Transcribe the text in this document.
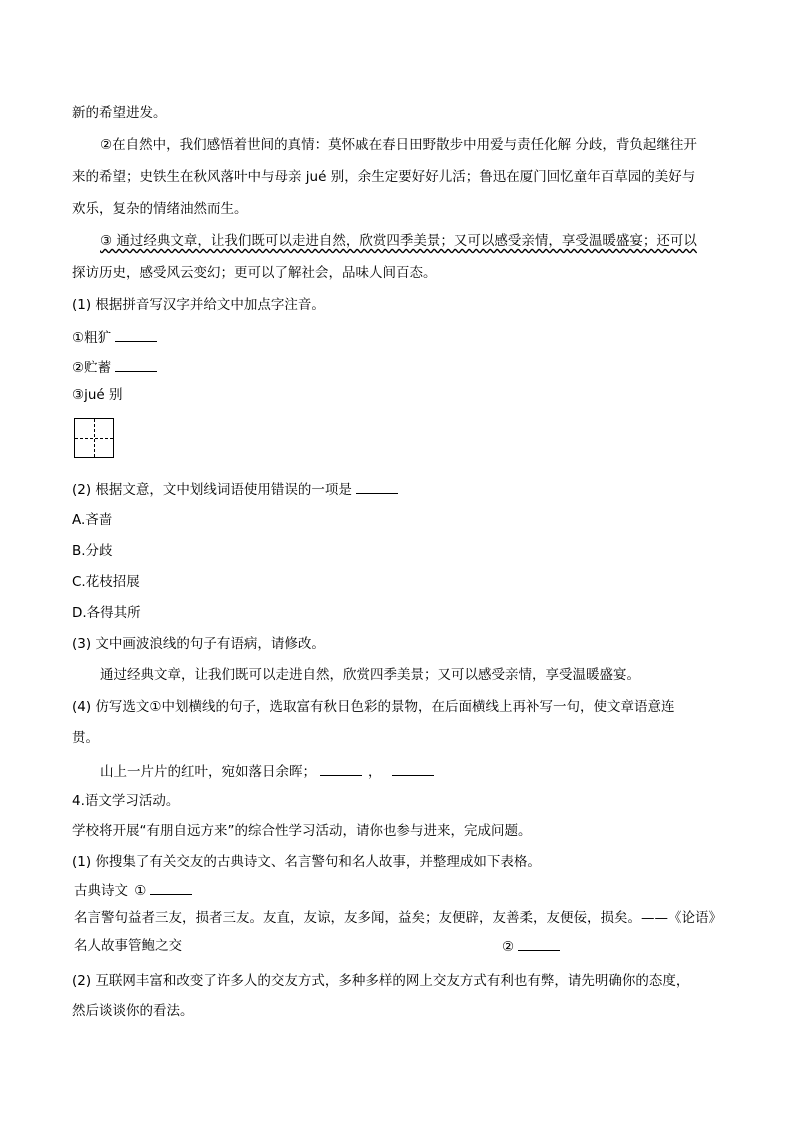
新的希望进发。
②在自然中，我们感悟着世间的真情：莫怀戚在春日田野散步中用爱与责任化解 分歧，背负起继往开
来的希望；史铁生在秋风落叶中与母亲 jué 别，余生定要好好儿活；鲁迅在厦门回忆童年百草园的美好与
欢乐，复杂的情绪油然而生。
③ 通过经典文章，让我们既可以走进自然，欣赏四季美景；又可以感受亲情，享受温暖盛宴；还可以
探访历史，感受风云变幻；更可以了解社会，品味人间百态。
(1) 根据拼音写汉字并给文中加点字注音。
①粗犷
②贮蓄
③jué 别
(2) 根据文意，文中划线词语使用错误的一项是
A.吝啬
B.分歧
C.花枝招展
D.各得其所
(3) 文中画波浪线的句子有语病，请修改。
通过经典文章，让我们既可以走进自然，欣赏四季美景；又可以感受亲情，享受温暖盛宴。
(4) 仿写选文①中划横线的句子，选取富有秋日色彩的景物，在后面横线上再补写一句，使文章语意连
贯。
山上一片片的红叶，宛如落日余晖；	，
4.语文学习活动。
学校将开展“有朋自远方来”的综合性学习活动，请你也参与进来，完成问题。
(1) 你搜集了有关交友的古典诗文、名言警句和名人故事，并整理成如下表格。
古典诗文 ①
名言警句益者三友，损者三友。友直，友谅，友多闻，益矣；友便辟，友善柔，友便佞，损矣。——《论语》
名人故事管鲍之交	②
(2) 互联网丰富和改变了许多人的交友方式，多种多样的网上交友方式有利也有弊，请先明确你的态度，
然后谈谈你的看法。
